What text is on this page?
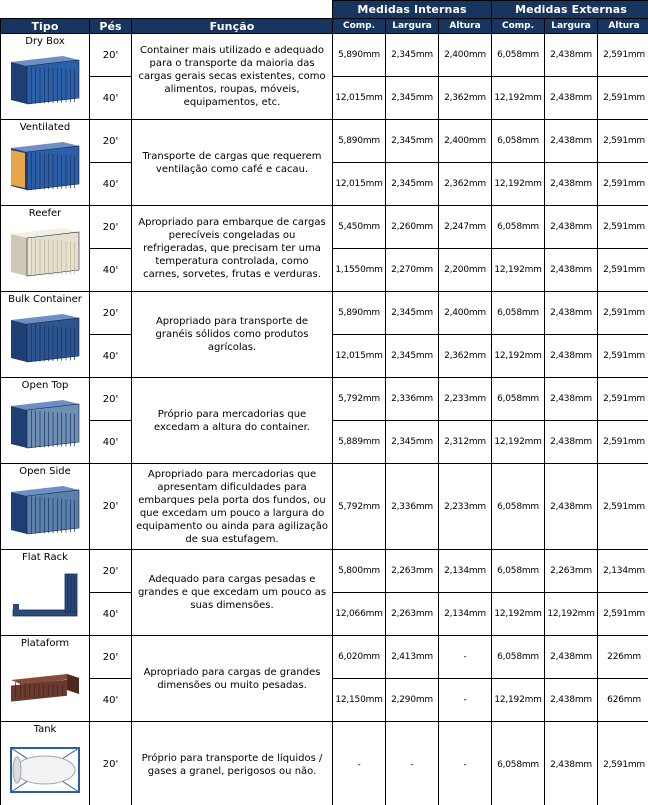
			Medidas Internas			Medidas Externas		
Tipo	Pés	Função	Comp.	Largura	Altura	Comp.	Largura	Altura

Dry Box	20'	Container mais utilizado e adequado para o transporte da maioria das cargas gerais secas existentes, como alimentos, roupas, móveis, equipamentos, etc.	5,890mm	2,345mm	2,400mm	6,058mm	2,438mm	2,591mm
	40'		12,015mm	2,345mm	2,362mm	12,192mm	2,438mm	2,591mm

Ventilated	20'	Transporte de cargas que requerem ventilação como café e cacau.	5,890mm	2,345mm	2,400mm	6,058mm	2,438mm	2,591mm
	40'		12,015mm	2,345mm	2,362mm	12,192mm	2,438mm	2,591mm

Reefer	20'	Apropriado para embarque de cargas perecíveis congeladas ou refrigeradas, que precisam ter uma temperatura controlada, como carnes, sorvetes, frutas e verduras.	5,450mm	2,260mm	2,247mm	6,058mm	2,438mm	2,591mm
	40'		1,1550mm	2,270mm	2,200mm	12,192mm	2,438mm	2,591mm

Bulk Container	20'	Apropriado para transporte de granéis sólidos como produtos agrícolas.	5,890mm	2,345mm	2,400mm	6,058mm	2,438mm	2,591mm
	40'		12,015mm	2,345mm	2,362mm	12,192mm	2,438mm	2,591mm

Open Top	20'	Próprio para mercadorias que excedam a altura do container.	5,792mm	2,336mm	2,233mm	6,058mm	2,438mm	2,591mm
	40'		5,889mm	2,345mm	2,312mm	12,192mm	2,438mm	2,591mm

Open Side	20'	Apropriado para mercadorias que apresentam dificuldades para embarques pela porta dos fundos, ou que excedam um pouco a largura do equipamento ou ainda para agilização de sua estufagem.	5,792mm	2,336mm	2,233mm	6,058mm	2,438mm	2,591mm

Flat Rack	20'	Adequado para cargas pesadas e grandes e que excedam um pouco as suas dimensões.	5,800mm	2,263mm	2,134mm	6,058mm	2,263mm	2,134mm
	40'		12,066mm	2,263mm	2,134mm	12,192mm	12,192mm	2,591mm

Plataform	20'	Apropriado para cargas de grandes dimensões ou muito pesadas.	6,020mm	2,413mm	-	6,058mm	2,438mm	226mm
	40'		12,150mm	2,290mm	-	12,192mm	2,438mm	626mm

Tank	20'	Próprio para transporte de líquidos / gases a granel, perigosos ou não.	-	-	-	6,058mm	2,438mm	2,591mm
